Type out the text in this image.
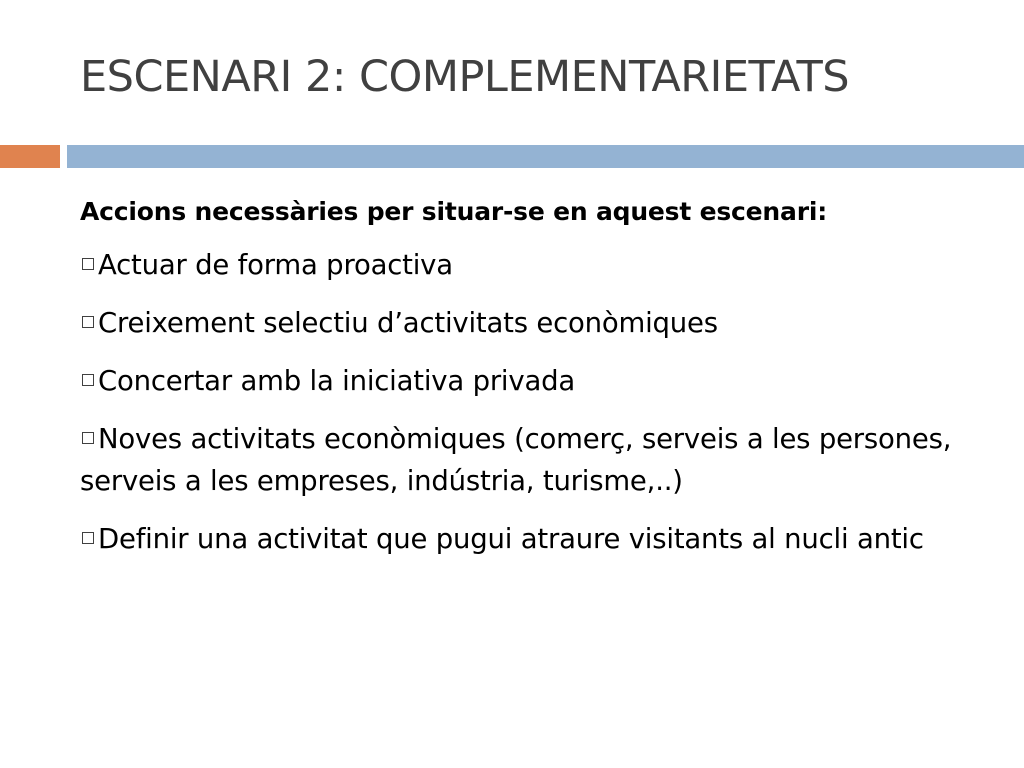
ESCENARI 2: COMPLEMENTARIETATS

Accions necessàries per situar-se en aquest escenari:

Actuar de forma proactiva
Creixement selectiu d’activitats econòmiques
Concertar amb la iniciativa privada
Noves activitats econòmiques (comerç, serveis a les persones, serveis a les empreses, indústria, turisme,..)
Definir una activitat que pugui atraure visitants al nucli antic
